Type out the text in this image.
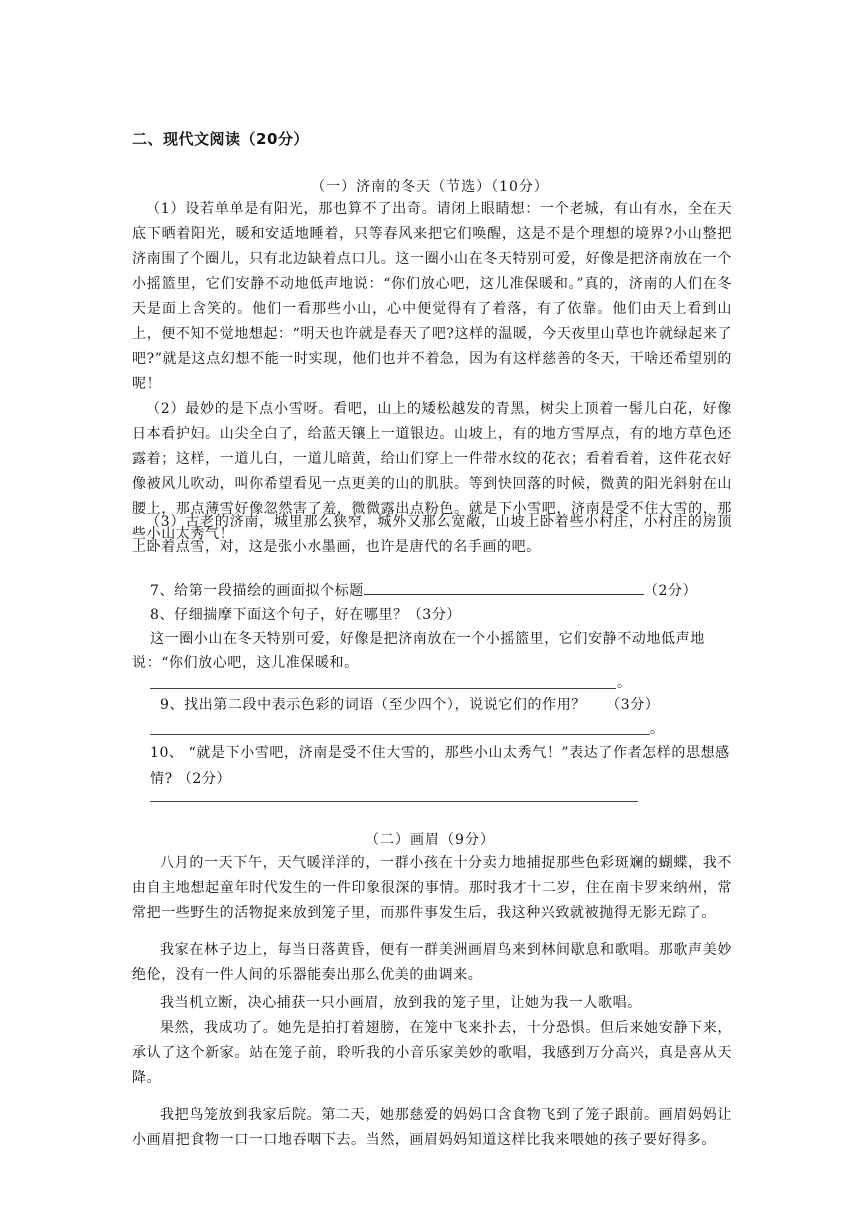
二、现代文阅读（20分）
（一）济南的冬天（节选）（10分）
（1）设若单单是有阳光，那也算不了出奇。请闭上眼睛想：一个老城，有山有水，全在天底下晒着阳光，暖和安适地睡着，只等春风来把它们唤醒，这是不是个理想的境界?小山整把济南围了个圈儿，只有北边缺着点口儿。这一圈小山在冬天特别可爱，好像是把济南放在一个小摇篮里，它们安静不动地低声地说：“你们放心吧，这儿准保暖和。”真的，济南的人们在冬天是面上含笑的。他们一看那些小山，心中便觉得有了着落，有了依靠。他们由天上看到山上，便不知不觉地想起：“明天也许就是春天了吧?这样的温暖，今天夜里山草也许就绿起来了吧?”就是这点幻想不能一时实现，他们也并不着急，因为有这样慈善的冬天，干啥还希望别的呢！
（2）最妙的是下点小雪呀。看吧，山上的矮松越发的青黑，树尖上顶着一髻儿白花，好像日本看护妇。山尖全白了，给蓝天镶上一道银边。山坡上，有的地方雪厚点，有的地方草色还露着；这样，一道儿白，一道儿暗黄，给山们穿上一件带水纹的花衣；看着看着，这件花衣好像被风儿吹动，叫你希望看见一点更美的山的肌肤。等到快回落的时候，微黄的阳光斜射在山腰上，那点薄雪好像忽然害了羞，微微露出点粉色。就是下小雪吧，济南是受不住大雪的，那些小山太秀气！
（3）古老的济南，城里那么狭窄，城外又那么宽敞，山坡上卧着些小村庄，小村庄的房顶上卧着点雪，对，这是张小水墨画，也许是唐代的名手画的吧。
7、给第一段描绘的画面拟个标题	（2分）
8、仔细揣摩下面这个句子，好在哪里？（3分）
这一圈小山在冬天特别可爱，好像是把济南放在一个小摇篮里，它们安静不动地低声地说：“你们放心吧，这儿准保暖和。
。
9、找出第二段中表示色彩的词语（至少四个），说说它们的作用？ （3分）
。
10、 “就是下小雪吧，济南是受不住大雪的，那些小山太秀气！”表达了作者怎样的思想感情? （2分）
（二）画眉（9分）
八月的一天下午，天气暖洋洋的，一群小孩在十分卖力地捕捉那些色彩斑斓的蝴蝶，我不由自主地想起童年时代发生的一件印象很深的事情。那时我才十二岁，住在南卡罗来纳州，常常把一些野生的活物捉来放到笼子里，而那件事发生后，我这种兴致就被抛得无影无踪了。
我家在林子边上，每当日落黄昏，便有一群美洲画眉鸟来到林间歇息和歌唱。那歌声美妙绝伦，没有一件人间的乐器能奏出那么优美的曲调来。
我当机立断，决心捕获一只小画眉，放到我的笼子里，让她为我一人歌唱。
果然，我成功了。她先是拍打着翅膀，在笼中飞来扑去，十分恐惧。但后来她安静下来，承认了这个新家。站在笼子前，聆听我的小音乐家美妙的歌唱，我感到万分高兴，真是喜从天降。
我把鸟笼放到我家后院。第二天，她那慈爱的妈妈口含食物飞到了笼子跟前。画眉妈妈让小画眉把食物一口一口地吞咽下去。当然，画眉妈妈知道这样比我来喂她的孩子要好得多。
